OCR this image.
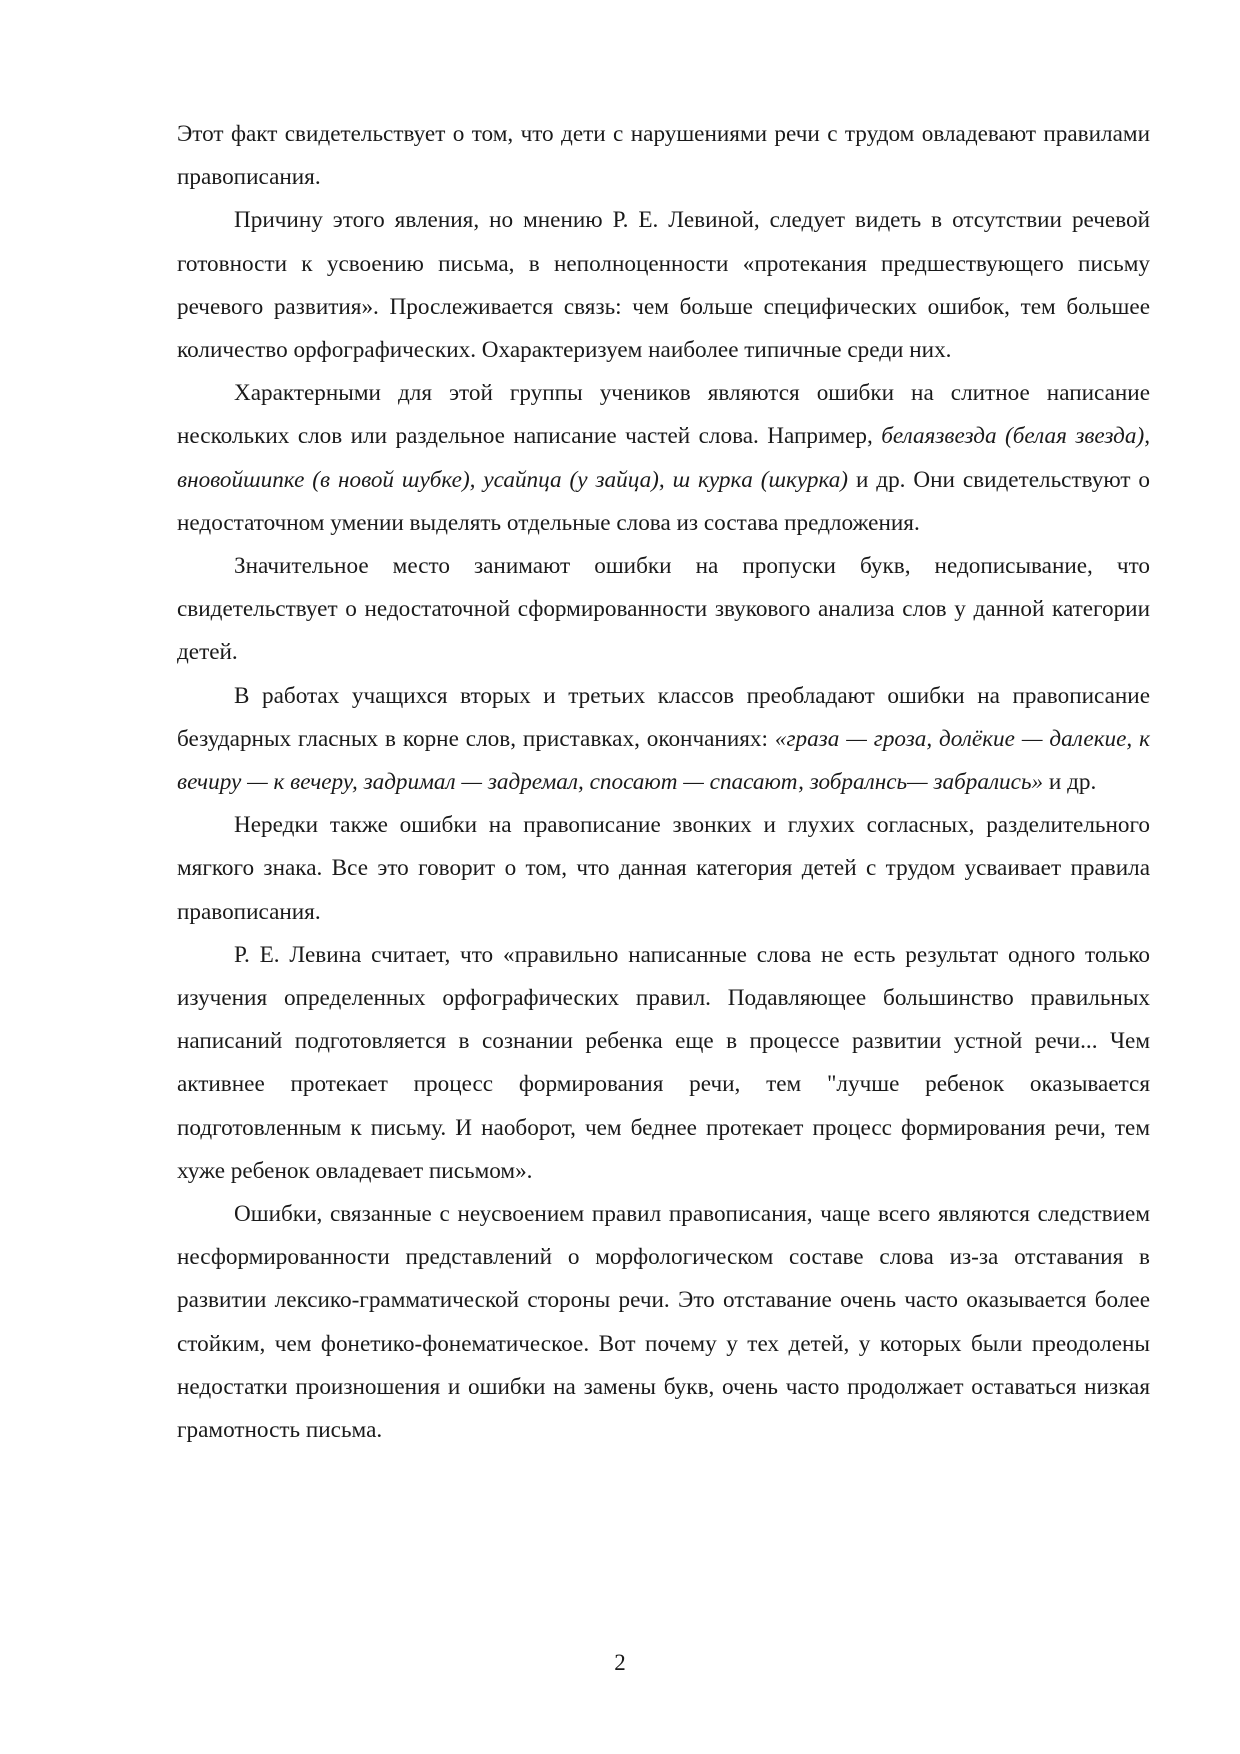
Этот факт свидетельствует о том, что дети с нарушениями речи с трудом овладевают правилами правописания.

Причину этого явления, но мнению Р. Е. Левиной, следует видеть в отсутствии речевой готовности к усвоению письма, в неполноценности «протекания предшествующего письму речевого развития». Прослеживается связь: чем больше специфических ошибок, тем большее количество орфографических. Охарактеризуем наиболее типичные среди них.

Характерными для этой группы учеников являются ошибки на слитное написание нескольких слов или раздельное написание частей слова. Например, белаязвезда (белая звезда), вновойшипке (в новой шубке), усайпца (у зайца), ш куркa (шкурка) и др. Они свидетельствуют о недостаточном умении выделять отдельные слова из состава предложения.

Значительное место занимают ошибки на пропуски букв, недописывание, что свидетельствует о недостаточной сформированности звукового анализа слов у данной категории детей.

В работах учащихся вторых и третьих классов преобладают ошибки на правописание безударных гласных в корне слов, приставках, окончаниях: «граза — гроза, долёкие — далекие, к вечиру — к вечеру, задримал — задремал, спосают — спасают, зобралнсь— забрались» и др.

Нередки также ошибки на правописание звонких и глухих согласных, разделительного мягкого знака. Все это говорит о том, что данная категория детей с трудом усваивает правила правописания.

Р. Е. Левина считает, что «правильно написанные слова не есть результат одного только изучения определенных орфографических правил. Подавляющее большинство правильных написаний подготовляется в сознании ребенка еще в процессе развитии устной речи... Чем активнее протекает процесс формирования речи, тем "лучше ребенок оказывается подготовленным к письму. И наоборот, чем беднее протекает процесс формирования речи, тем хуже ребенок овладевает письмом».

Ошибки, связанные с неусвоением правил правописания, чаще всего являются следствием несформированности представлений о морфологическом составе слова из-за отставания в развитии лексико-грамматической стороны речи. Это отставание очень часто оказывается более стойким, чем фонетико-фонематическое. Вот почему у тех детей, у которых были преодолены недостатки произношения и ошибки на замены букв, очень часто продолжает оставаться низкая грамотность письма.

2
